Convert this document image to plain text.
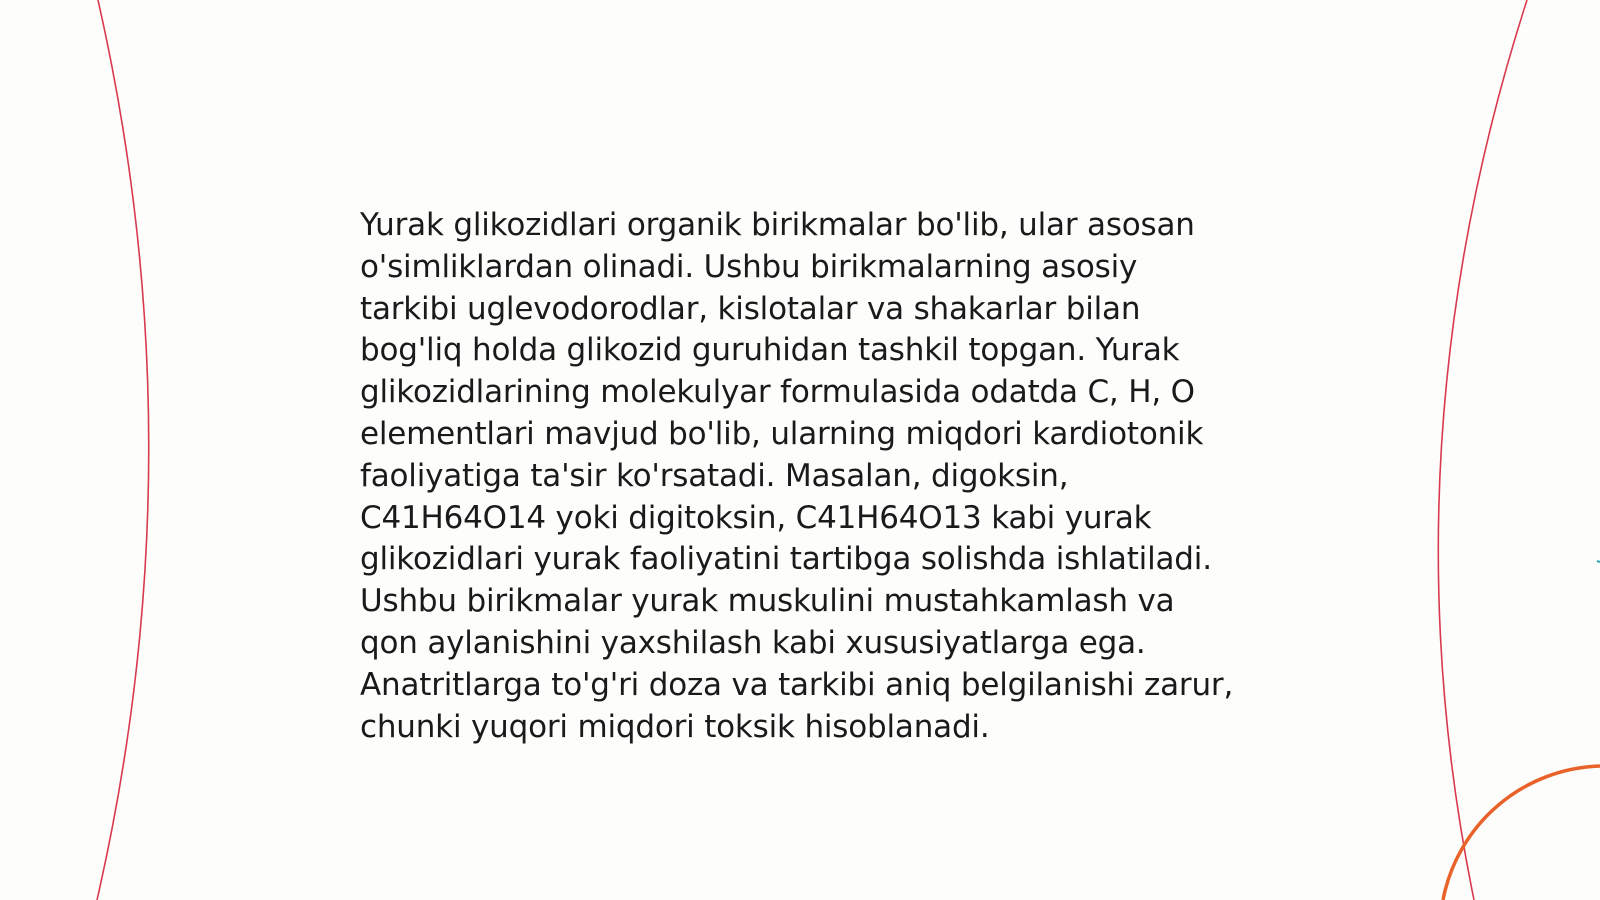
Yurak glikozidlari organik birikmalar bo'lib, ular asosan o'simliklardan olinadi. Ushbu birikmalarning asosiy tarkibi uglevodorodlar, kislotalar va shakarlar bilan bog'liq holda glikozid guruhidan tashkil topgan. Yurak glikozidlarining molekulyar formulasida odatda C, H, O elementlari mavjud bo'lib, ularning miqdori kardiotonik faoliyatiga ta'sir ko'rsatadi. Masalan, digoksin, C41H64O14 yoki digitoksin, C41H64O13 kabi yurak glikozidlari yurak faoliyatini tartibga solishda ishlatiladi. Ushbu birikmalar yurak muskulini mustahkamlash va qon aylanishini yaxshilash kabi xususiyatlarga ega. Anatritlarga to'g'ri doza va tarkibi aniq belgilanishi zarur, chunki yuqori miqdori toksik hisoblanadi.
